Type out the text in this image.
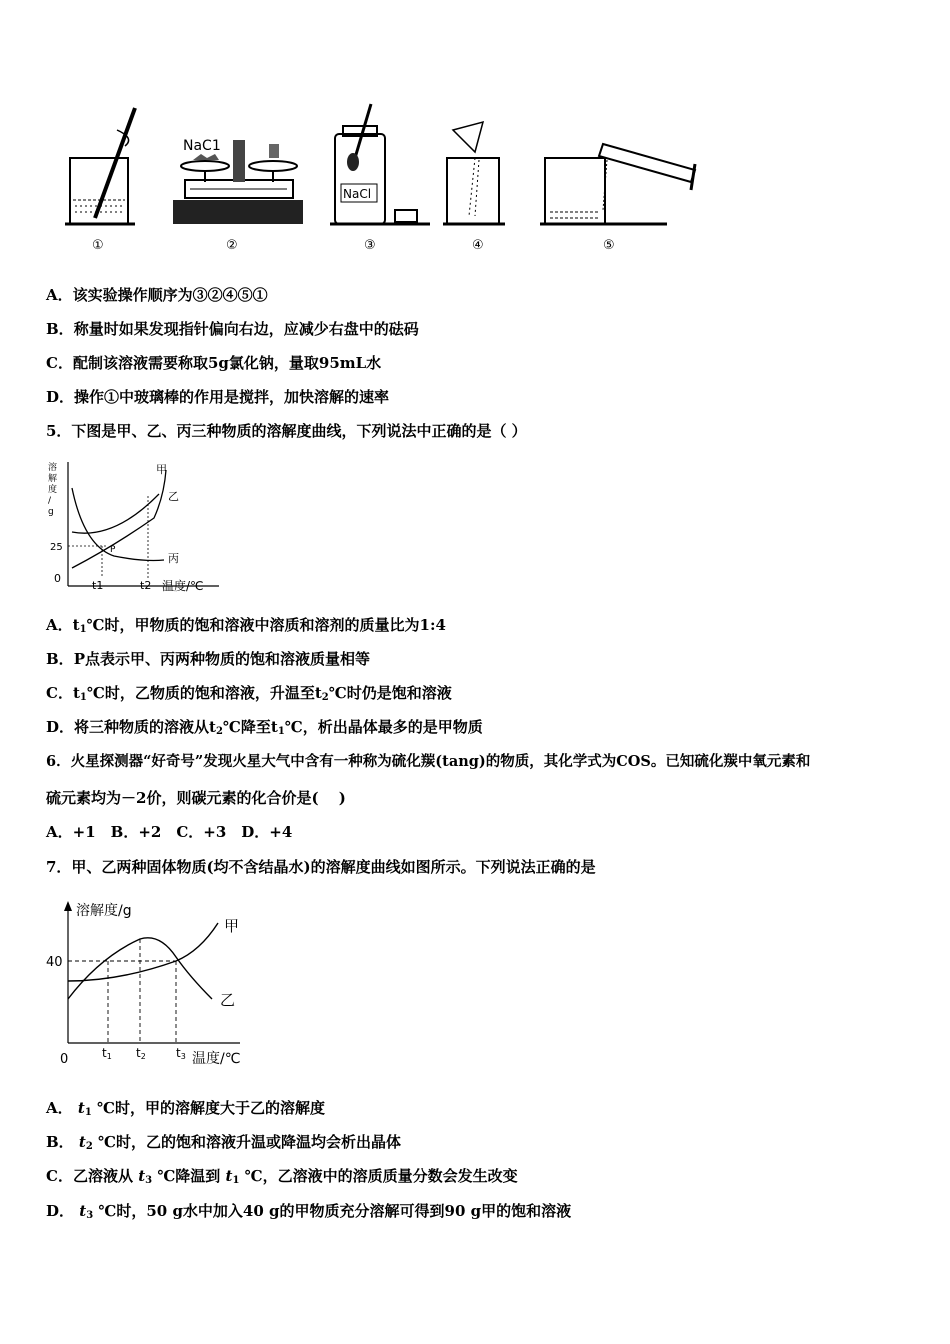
NaC1
NaCl
①	②	③	④	⑤
A．该实验操作顺序为③②④⑤①
B．称量时如果发现指针偏向右边，应减少右盘中的砝码
C．配制该溶液需要称取5g氯化钠，量取95mL水
D．操作①中玻璃棒的作用是搅拌，加快溶解的速率
5．下图是甲、乙、丙三种物质的溶解度曲线，下列说法中正确的是（ ）
溶解度/ g
0
25
t1	t2 温度/℃
甲
乙
丙
P
A．$t_1℃$时，甲物质的饱和溶液中溶质和溶剂的质量比为1:4
B．P点表示甲、丙两种物质的饱和溶液质量相等
C．$t_1℃$时，乙物质的饱和溶液，升温至$t_2℃$时仍是饱和溶液
D．将三种物质的溶液从$t_2℃$降至$t_1℃$，析出晶体最多的是甲物质
6．火星探测器“好奇号”发现火星大气中含有一种称为硫化羰(tang)的物质，其化学式为COS。已知硫化羰中氧元素和
硫元素均为－2价，则碳元素的化合价是(　 )
A．+1　B．+2　C．+3　D．+4
7．甲、乙两种固体物质(均不含结晶水)的溶解度曲线如图所示。下列说法正确的是
溶解度/g
0
40
t1 t2	t3 温度/℃
甲
乙
A． $t_1$ ℃时，甲的溶解度大于乙的溶解度
B． $t_2$ ℃时，乙的饱和溶液升温或降温均会析出晶体
C．乙溶液从 $t_3$ ℃降温到 $t_1$ ℃，乙溶液中的溶质质量分数会发生改变
D． $t_3$ ℃时，50 g水中加入40 g的甲物质充分溶解可得到90 g甲的饱和溶液
